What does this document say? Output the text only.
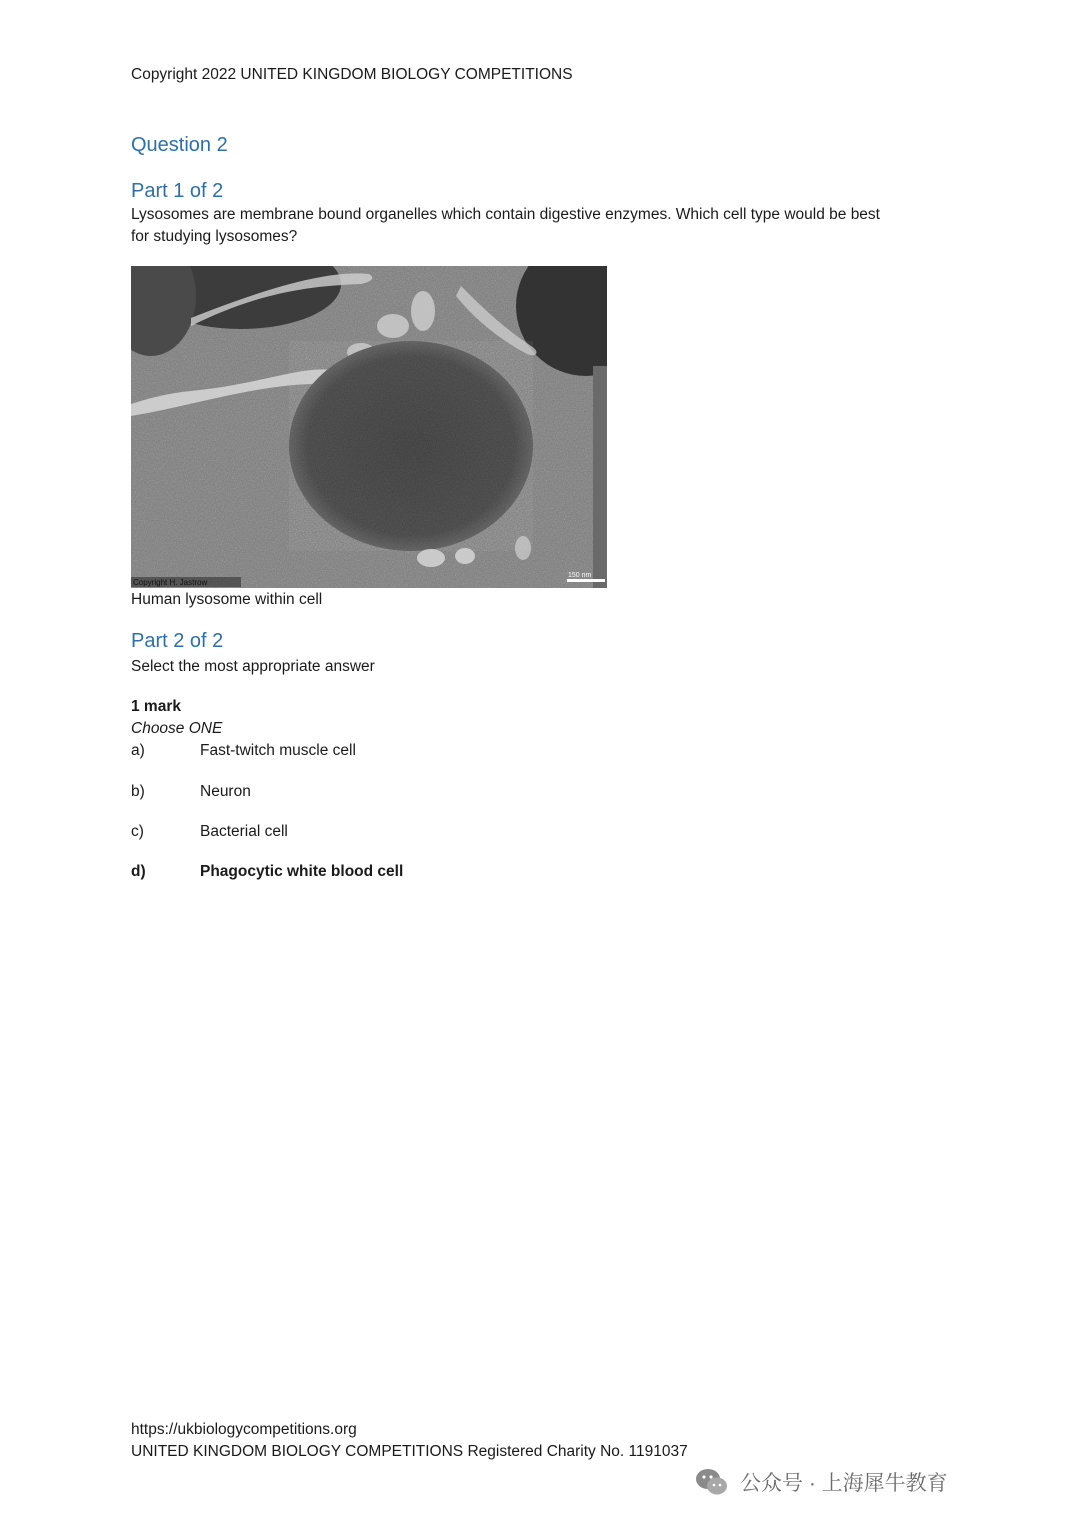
Copyright 2022 UNITED KINGDOM BIOLOGY COMPETITIONS
Question 2
Part 1 of 2
Lysosomes are membrane bound organelles which contain digestive enzymes. Which cell type would be best
for studying lysosomes?
Copyright H. Jastrow
150 nm
Human lysosome within cell
Part 2 of 2
Select the most appropriate answer
1 mark
Choose ONE
a)	Fast-twitch muscle cell
b)	Neuron
c)	Bacterial cell
d)	Phagocytic white blood cell
https://ukbiologycompetitions.org
UNITED KINGDOM BIOLOGY COMPETITIONS Registered Charity No. 1191037
公众号 · 上海犀牛教育
